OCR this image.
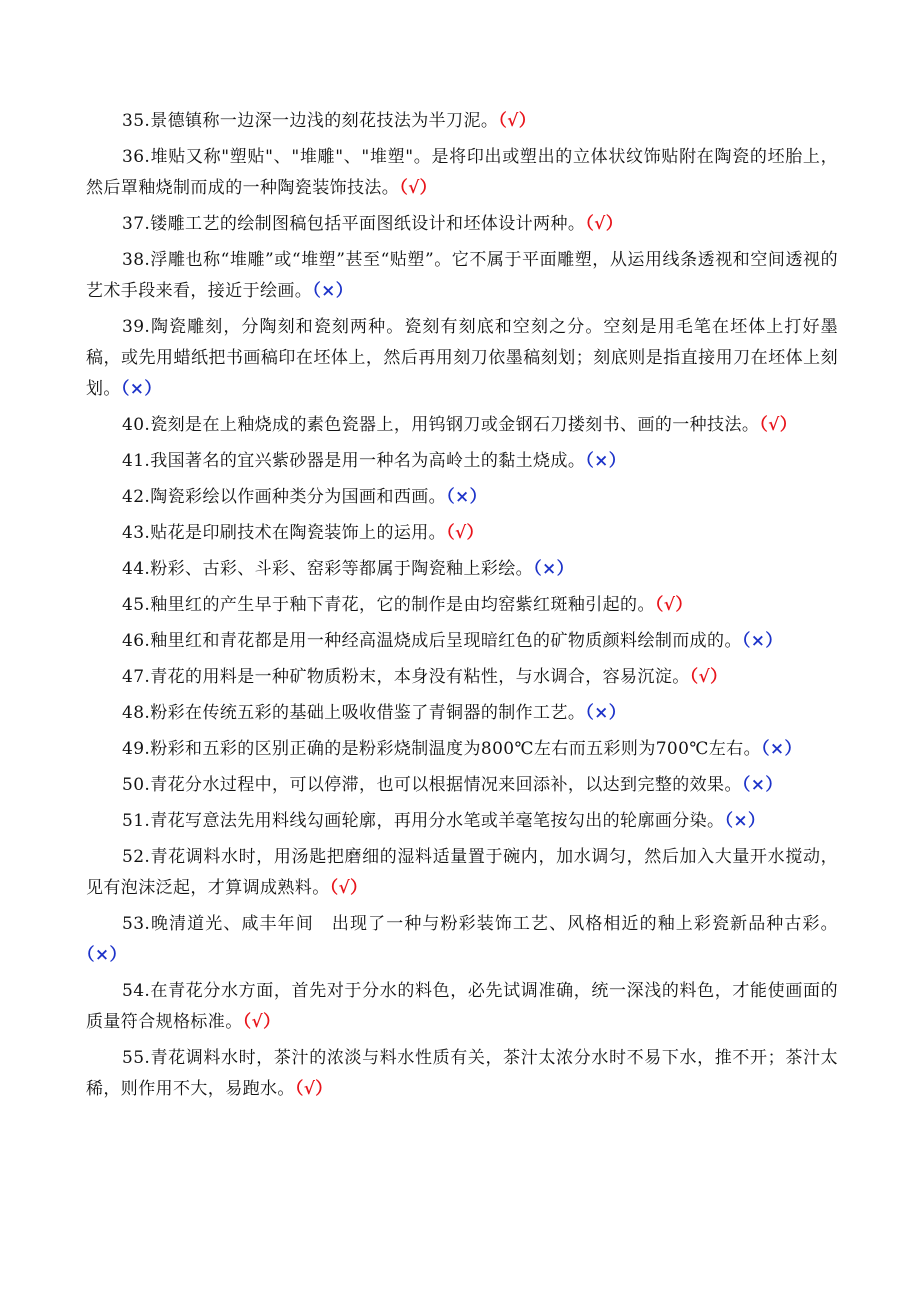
35.景德镇称一边深一边浅的刻花技法为半刀泥。（√）

36.堆贴又称"塑贴"、"堆雕"、"堆塑"。是将印出或塑出的立体状纹饰贴附在陶瓷的坯胎上，然后罩釉烧制而成的一种陶瓷装饰技法。（√）

37.镂雕工艺的绘制图稿包括平面图纸设计和坯体设计两种。（√）

38.浮雕也称“堆雕”或“堆塑”甚至“贴塑”。它不属于平面雕塑，从运用线条透视和空间透视的艺术手段来看，接近于绘画。（×）

39.陶瓷雕刻，分陶刻和瓷刻两种。瓷刻有刻底和空刻之分。空刻是用毛笔在坯体上打好墨稿，或先用蜡纸把书画稿印在坯体上，然后再用刻刀依墨稿刻划；刻底则是指直接用刀在坯体上刻划。（×）

40.瓷刻是在上釉烧成的素色瓷器上，用钨钢刀或金钢石刀搂刻书、画的一种技法。（√）

41.我国著名的宜兴紫砂器是用一种名为高岭土的黏土烧成。（×）

42.陶瓷彩绘以作画种类分为国画和西画。（×）

43.贴花是印刷技术在陶瓷装饰上的运用。（√）

44.粉彩、古彩、斗彩、窑彩等都属于陶瓷釉上彩绘。（×）

45.釉里红的产生早于釉下青花，它的制作是由均窑紫红斑釉引起的。（√）

46.釉里红和青花都是用一种经高温烧成后呈现暗红色的矿物质颜料绘制而成的。（×）

47.青花的用料是一种矿物质粉末，本身没有粘性，与水调合，容易沉淀。（√）

48.粉彩在传统五彩的基础上吸收借鉴了青铜器的制作工艺。（×）

49.粉彩和五彩的区别正确的是粉彩烧制温度为800℃左右而五彩则为700℃左右。（×）

50.青花分水过程中，可以停滞，也可以根据情况来回添补，以达到完整的效果。（×）

51.青花写意法先用料线勾画轮廓，再用分水笔或羊毫笔按勾出的轮廓画分染。（×）

52.青花调料水时，用汤匙把磨细的湿料适量置于碗内，加水调匀，然后加入大量开水搅动，见有泡沫泛起，才算调成熟料。（√）

53.晚清道光、咸丰年间　出现了一种与粉彩装饰工艺、风格相近的釉上彩瓷新品种古彩。（×）

54.在青花分水方面，首先对于分水的料色，必先试调准确，统一深浅的料色，才能使画面的质量符合规格标准。（√）

55.青花调料水时，茶汁的浓淡与料水性质有关，茶汁太浓分水时不易下水，推不开；茶汁太稀，则作用不大，易跑水。（√）
